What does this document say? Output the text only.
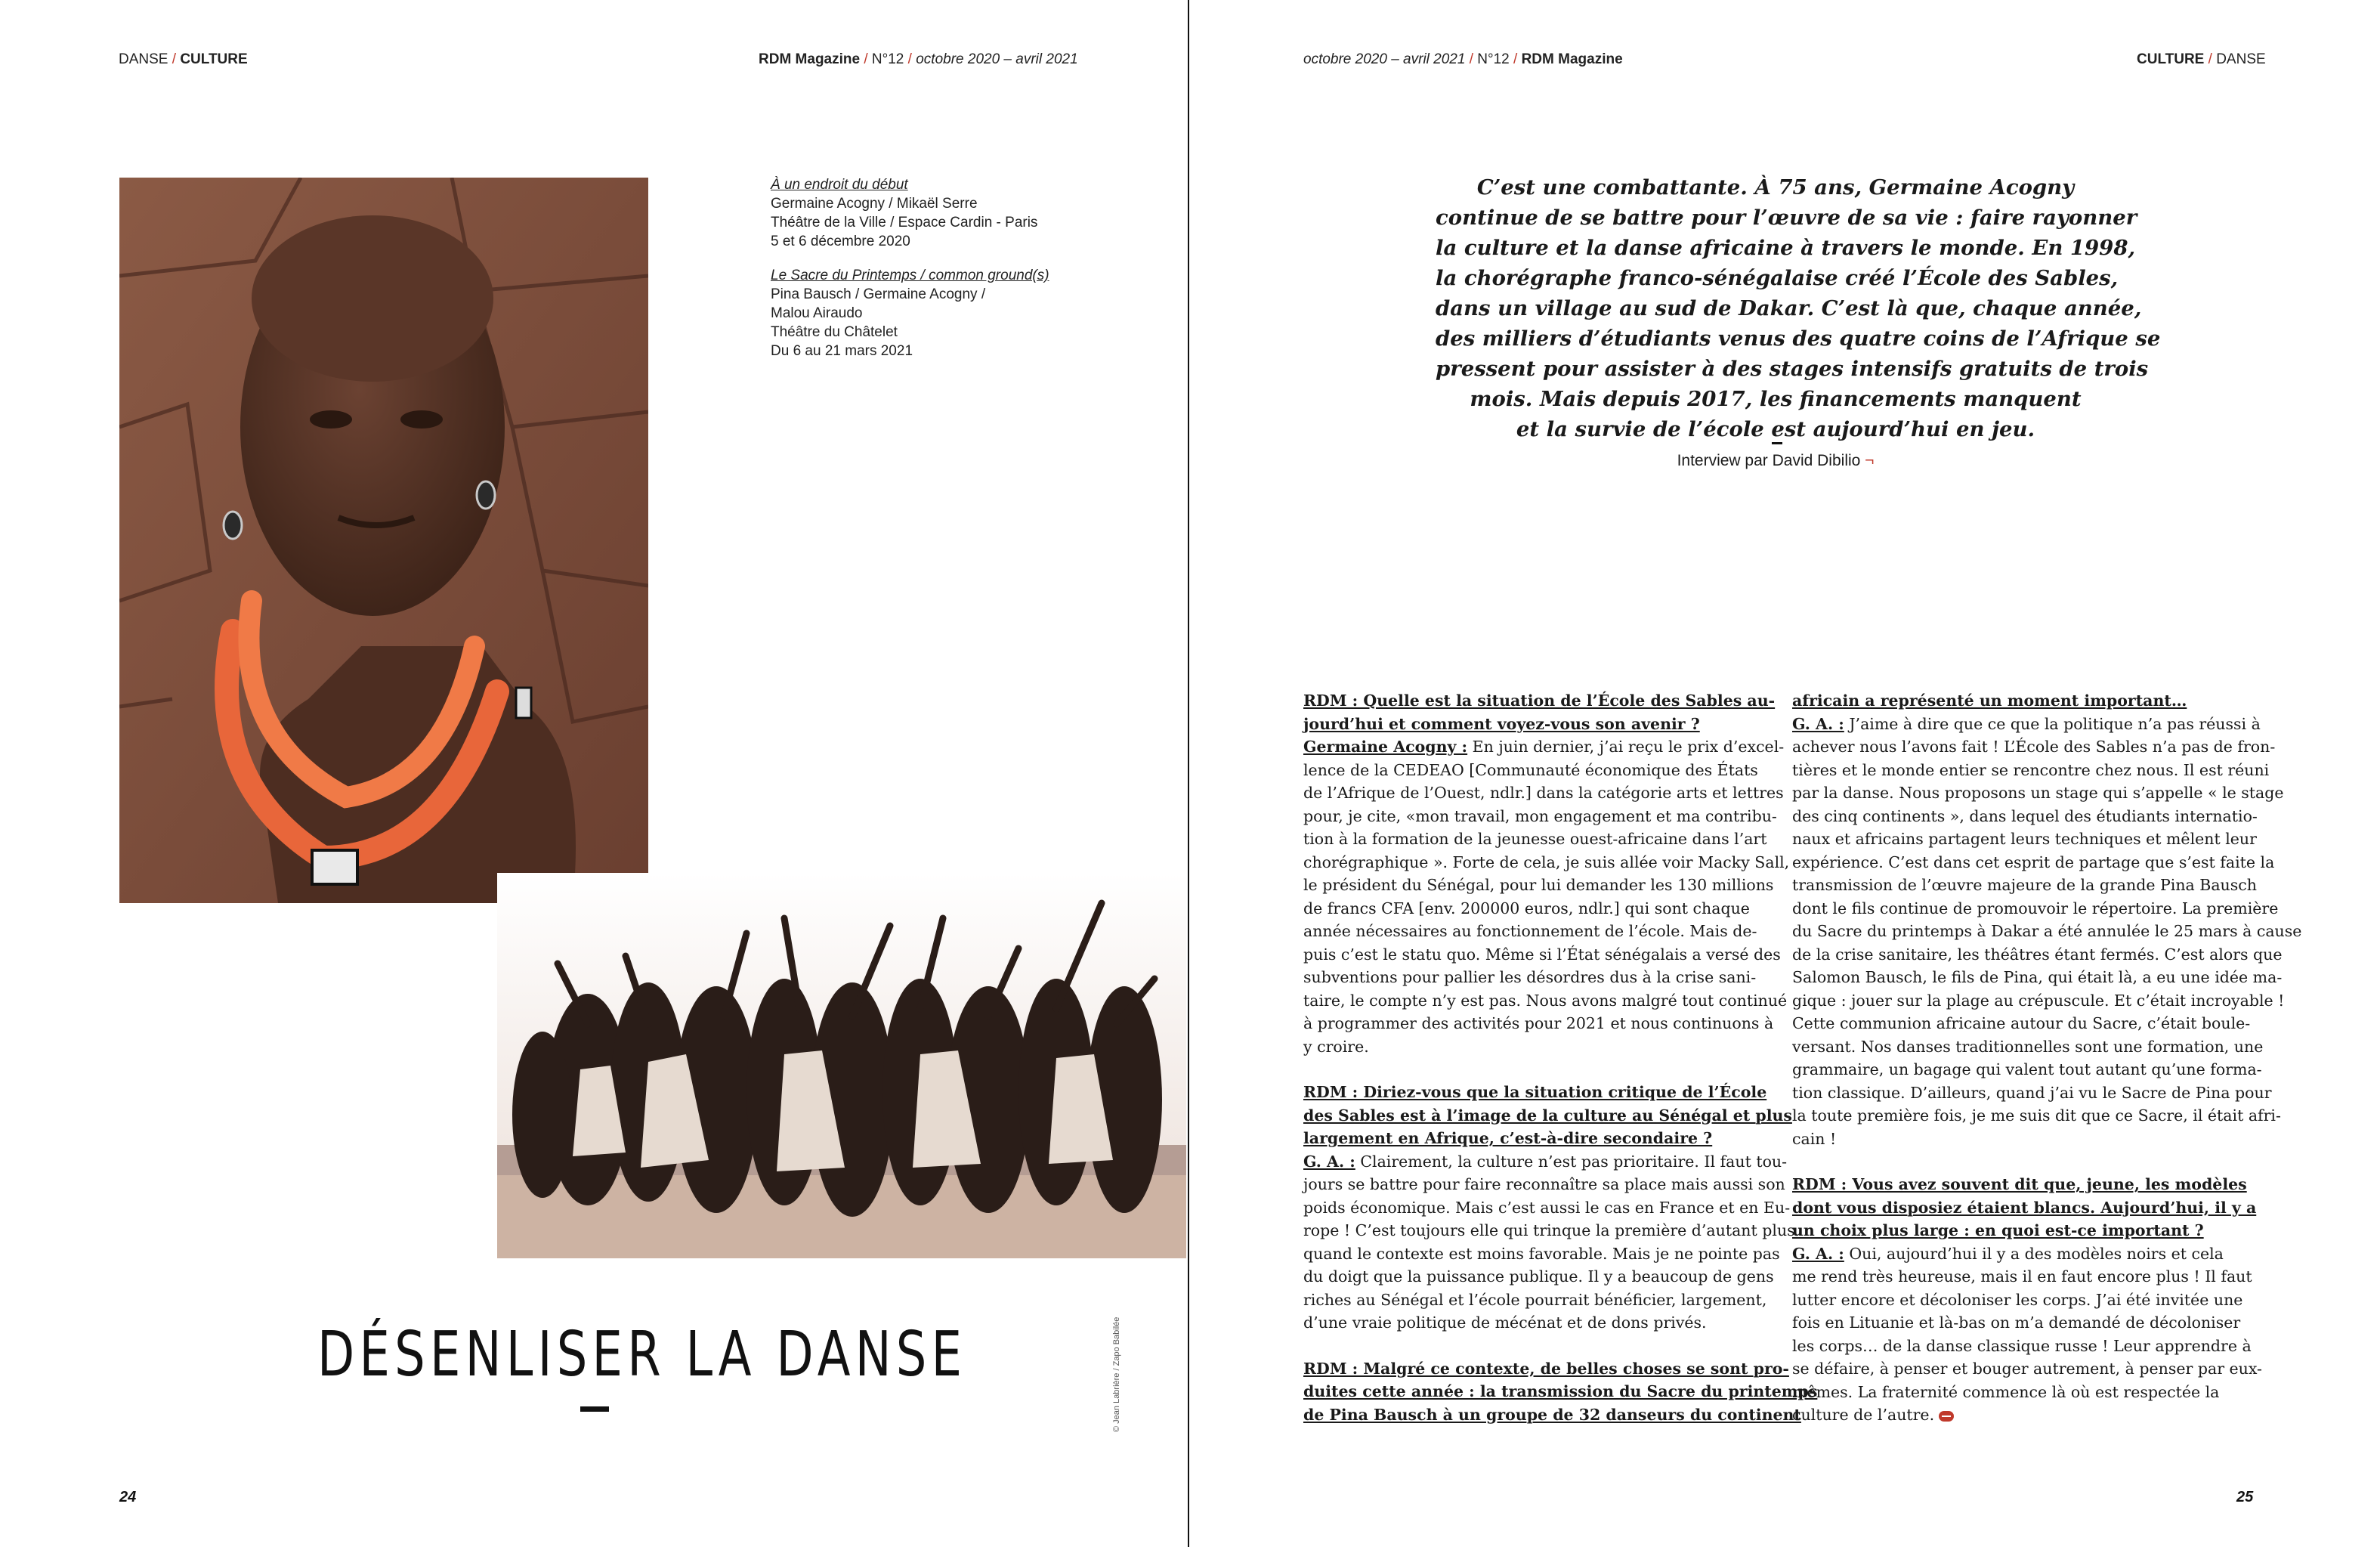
DANSE / CULTURE	RDM Magazine / N°12 / octobre 2020 – avril 2021	octobre 2020 – avril 2021 / N°12 / RDM Magazine	CULTURE / DANSE
À un endroit du début
Germaine Acogny / Mikaël Serre
Théâtre de la Ville / Espace Cardin - Paris
5 et 6 décembre 2020
Le Sacre du Printemps / common ground(s)
Pina Bausch / Germaine Acogny /
Malou Airaudo
Théâtre du Châtelet
Du 6 au 21 mars 2021
DÉSENLISER LA DANSE	© Jean Labrière / Zapo Babilée
24	25
C’est une combattante. À 75 ans, Germaine Acogny
continue de se battre pour l’œuvre de sa vie : faire rayonner
la culture et la danse africaine à travers le monde. En 1998,
la chorégraphe franco-sénégalaise créé l’École des Sables,
dans un village au sud de Dakar. C’est là que, chaque année,
des milliers d’étudiants venus des quatre coins de l’Afrique se
pressent pour assister à des stages intensifs gratuits de trois
mois. Mais depuis 2017, les financements manquent
et la survie de l’école est aujourd’hui en jeu.
Interview par David Dibilio ¬
RDM : Quelle est la situation de l’École des Sables au-
jourd’hui et comment voyez-vous son avenir ?
Germaine Acogny : En juin dernier, j’ai reçu le prix d’excel-
lence de la CEDEAO [Communauté économique des États
de l’Afrique de l’Ouest, ndlr.] dans la catégorie arts et lettres
pour, je cite, «mon travail, mon engagement et ma contribu-
tion à la formation de la jeunesse ouest-africaine dans l’art
chorégraphique ». Forte de cela, je suis allée voir Macky Sall,
le président du Sénégal, pour lui demander les 130 millions
de francs CFA [env. 200000 euros, ndlr.] qui sont chaque
année nécessaires au fonctionnement de l’école. Mais de-
puis c’est le statu quo. Même si l’État sénégalais a versé des
subventions pour pallier les désordres dus à la crise sani-
taire, le compte n’y est pas. Nous avons malgré tout continué
à programmer des activités pour 2021 et nous continuons à
y croire.
RDM : Diriez-vous que la situation critique de l’École
des Sables est à l’image de la culture au Sénégal et plus
largement en Afrique, c’est-à-dire secondaire ?
G. A. : Clairement, la culture n’est pas prioritaire. Il faut tou-
jours se battre pour faire reconnaître sa place mais aussi son
poids économique. Mais c’est aussi le cas en France et en Eu-
rope ! C’est toujours elle qui trinque la première d’autant plus
quand le contexte est moins favorable. Mais je ne pointe pas
du doigt que la puissance publique. Il y a beaucoup de gens
riches au Sénégal et l’école pourrait bénéficier, largement,
d’une vraie politique de mécénat et de dons privés.
RDM : Malgré ce contexte, de belles choses se sont pro-
duites cette année : la transmission du Sacre du printemps
de Pina Bausch à un groupe de 32 danseurs du continent
africain a représenté un moment important…
G. A. : J’aime à dire que ce que la politique n’a pas réussi à
achever nous l’avons fait ! L’École des Sables n’a pas de fron-
tières et le monde entier se rencontre chez nous. Il est réuni
par la danse. Nous proposons un stage qui s’appelle « le stage
des cinq continents », dans lequel des étudiants internatio-
naux et africains partagent leurs techniques et mêlent leur
expérience. C’est dans cet esprit de partage que s’est faite la
transmission de l’œuvre majeure de la grande Pina Bausch
dont le fils continue de promouvoir le répertoire. La première
du Sacre du printemps à Dakar a été annulée le 25 mars à cause
de la crise sanitaire, les théâtres étant fermés. C’est alors que
Salomon Bausch, le fils de Pina, qui était là, a eu une idée ma-
gique : jouer sur la plage au crépuscule. Et c’était incroyable !
Cette communion africaine autour du Sacre, c’était boule-
versant. Nos danses traditionnelles sont une formation, une
grammaire, un bagage qui valent tout autant qu’une forma-
tion classique. D’ailleurs, quand j’ai vu le Sacre de Pina pour
la toute première fois, je me suis dit que ce Sacre, il était afri-
cain !
RDM : Vous avez souvent dit que, jeune, les modèles
dont vous disposiez étaient blancs. Aujourd’hui, il y a
un choix plus large : en quoi est-ce important ?
G. A. : Oui, aujourd’hui il y a des modèles noirs et cela
me rend très heureuse, mais il en faut encore plus ! Il faut
lutter encore et décoloniser les corps. J’ai été invitée une
fois en Lituanie et là-bas on m’a demandé de décoloniser
les corps… de la danse classique russe ! Leur apprendre à
se défaire, à penser et bouger autrement, à penser par eux-
mêmes. La fraternité commence là où est respectée la
culture de l’autre.
